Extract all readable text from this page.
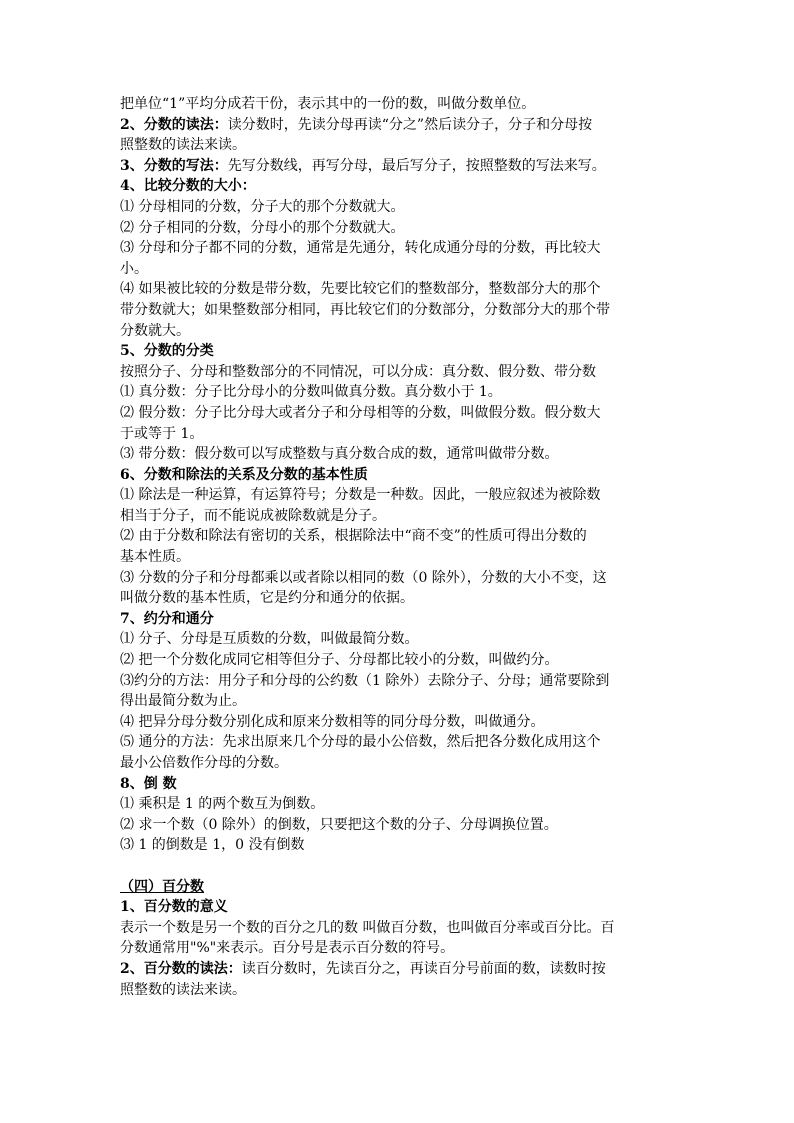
把单位“1”平均分成若干份，表示其中的一份的数，叫做分数单位。
2、分数的读法：读分数时，先读分母再读“分之”然后读分子，分子和分母按
照整数的读法来读。
3、分数的写法：先写分数线，再写分母，最后写分子，按照整数的写法来写。
4、比较分数的大小：
⑴ 分母相同的分数，分子大的那个分数就大。
⑵ 分子相同的分数，分母小的那个分数就大。
⑶ 分母和分子都不同的分数，通常是先通分，转化成通分母的分数，再比较大
小。
⑷ 如果被比较的分数是带分数，先要比较它们的整数部分，整数部分大的那个
带分数就大；如果整数部分相同，再比较它们的分数部分，分数部分大的那个带
分数就大。
5、分数的分类
按照分子、分母和整数部分的不同情况，可以分成：真分数、假分数、带分数
⑴ 真分数：分子比分母小的分数叫做真分数。真分数小于 1。
⑵ 假分数：分子比分母大或者分子和分母相等的分数，叫做假分数。假分数大
于或等于 1。
⑶ 带分数：假分数可以写成整数与真分数合成的数，通常叫做带分数。
6、分数和除法的关系及分数的基本性质
⑴ 除法是一种运算，有运算符号；分数是一种数。因此，一般应叙述为被除数
相当于分子，而不能说成被除数就是分子。
⑵ 由于分数和除法有密切的关系，根据除法中“商不变”的性质可得出分数的
基本性质。
⑶ 分数的分子和分母都乘以或者除以相同的数（0 除外），分数的大小不变，这
叫做分数的基本性质，它是约分和通分的依据。
7、约分和通分
⑴ 分子、分母是互质数的分数，叫做最简分数。
⑵ 把一个分数化成同它相等但分子、分母都比较小的分数，叫做约分。
⑶约分的方法：用分子和分母的公约数（1 除外）去除分子、分母；通常要除到
得出最简分数为止。
⑷ 把异分母分数分别化成和原来分数相等的同分母分数，叫做通分。
⑸ 通分的方法：先求出原来几个分母的最小公倍数，然后把各分数化成用这个
最小公倍数作分母的分数。
8、倒 数
⑴ 乘积是 1 的两个数互为倒数。
⑵ 求一个数（0 除外）的倒数，只要把这个数的分子、分母调换位置。
⑶ 1 的倒数是 1，0 没有倒数
（四）百分数
1、百分数的意义
表示一个数是另一个数的百分之几的数 叫做百分数，也叫做百分率或百分比。百
分数通常用"%"来表示。百分号是表示百分数的符号。
2、百分数的读法：读百分数时，先读百分之，再读百分号前面的数，读数时按
照整数的读法来读。
